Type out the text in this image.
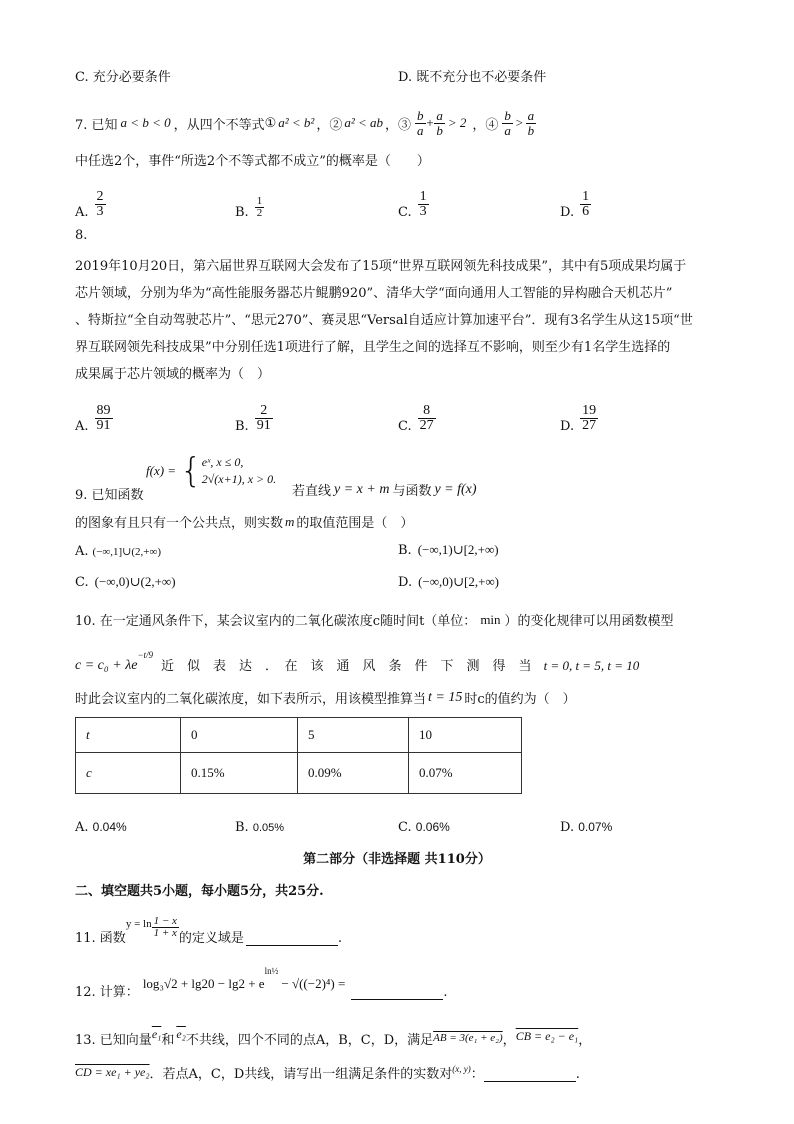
C. 充分必要条件	D. 既不充分也不必要条件
7. 已知 a < b < 0 ，从四个不等式 ① a² < b² ，② a² < ab ，③
b
$a + \frac{a}{b} > 2$ ，④
b
a > a
b
中任选2个，事件“所选2个不等式都不成立”的概率是（　　）
A. $\frac{2}{3}$	B. $\frac{1}{2}$	C. $\frac{1}{3}$	D. $\frac{1}{6}$
8.
2019年10月20日，第六届世界互联网大会发布了15项“世界互联网领先科技成果”，其中有5项成果均属于
芯片领域，分别为华为“高性能服务器芯片鲲鹏920”、清华大学“面向通用人工智能的异构融合天机芯片”
、特斯拉“全自动驾驶芯片”、“思元270”、赛灵思“Versal自适应计算加速平台”．现有3名学生从这15项“世
界互联网领先科技成果”中分别任选1项进行了解，且学生之间的选择互不影响，则至少有1名学生选择的
成果属于芯片领域的概率为（　）
A. $\frac{89}{91}$	B. $\frac{2}{91}$	C. $\frac{8}{27}$	D. $\frac{19}{27}$
9. 已知函数
f(x) = { eˣ, x ≤ 0,
2√(x+1), x > 0.
若直线 y = x + m 与函数 y = f(x)
的图象有且只有一个公共点，则实数 m 的取值范围是（　）
A. (−∞,1]∪(2,+∞)	B. (−∞,1)∪[2,+∞)
C. (−∞,0)∪(2,+∞)	D. (−∞,0)∪[2,+∞)
10. 在一定通风条件下，某会议室内的二氧化碳浓度c随时间t（单位： min ）的变化规律可以用函数模型
c = c₀ + λe
−t/9
近　似　表　达　．　在　该　通　风　条　件　下　测　得　当 t = 0, t = 5, t = 10
时此会议室内的二氧化碳浓度，如下表所示，用该模型推算当 t = 15 时c的值约为（　）
t	0	5	10
c	0.15%	0.09%	0.07%
A. 0.04%	B. 0.05%	C. 0.06%	D. 0.07%
第二部分（非选择题 共110分）
二、填空题共5小题，每小题5分，共25分.
11. 函数
$y = \ln \frac{1 - x}{1 + x}$ 的定义域是	.
12. 计算：
log₃√2 + lg20 − lg2 + e
ln½
− √((−2)⁴) =
.
13. 已知向量 e₁ 和 e₂ 不共线，四个不同的点A，B，C，D，满足 AB = 3(e₁ + e₂) ， CB = e₂ − e₁ ，
CD = xe₁ + ye₂ ．若点A，C，D共线，请写出一组满足条件的实数对 (x, y) ：	.
